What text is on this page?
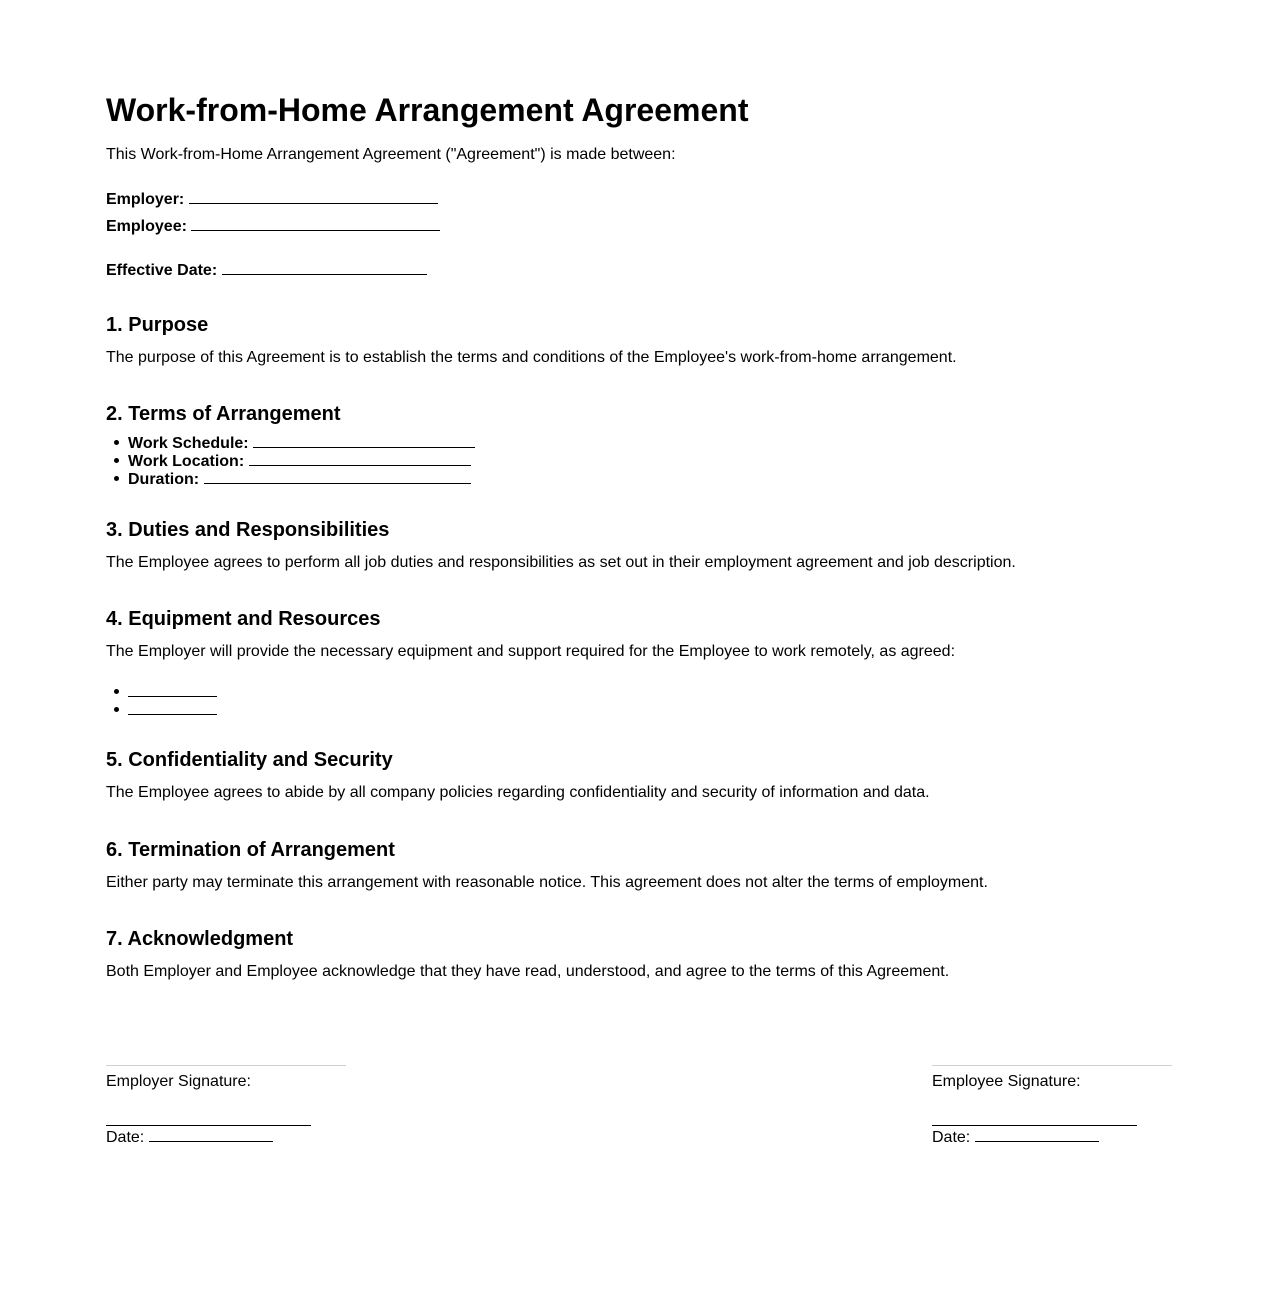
Work-from-Home Arrangement Agreement
This Work-from-Home Arrangement Agreement ("Agreement") is made between:
Employer:
Employee:
Effective Date:
1. Purpose
The purpose of this Agreement is to establish the terms and conditions of the Employee's work-from-home arrangement.
2. Terms of Arrangement
Work Schedule:
Work Location:
Duration:
3. Duties and Responsibilities
The Employee agrees to perform all job duties and responsibilities as set out in their employment agreement and job description.
4. Equipment and Resources
The Employer will provide the necessary equipment and support required for the Employee to work remotely, as agreed:
5. Confidentiality and Security
The Employee agrees to abide by all company policies regarding confidentiality and security of information and data.
6. Termination of Arrangement
Either party may terminate this arrangement with reasonable notice. This agreement does not alter the terms of employment.
7. Acknowledgment
Both Employer and Employee acknowledge that they have read, understood, and agree to the terms of this Agreement.
Employer Signature:
Date:
Employee Signature:
Date:
